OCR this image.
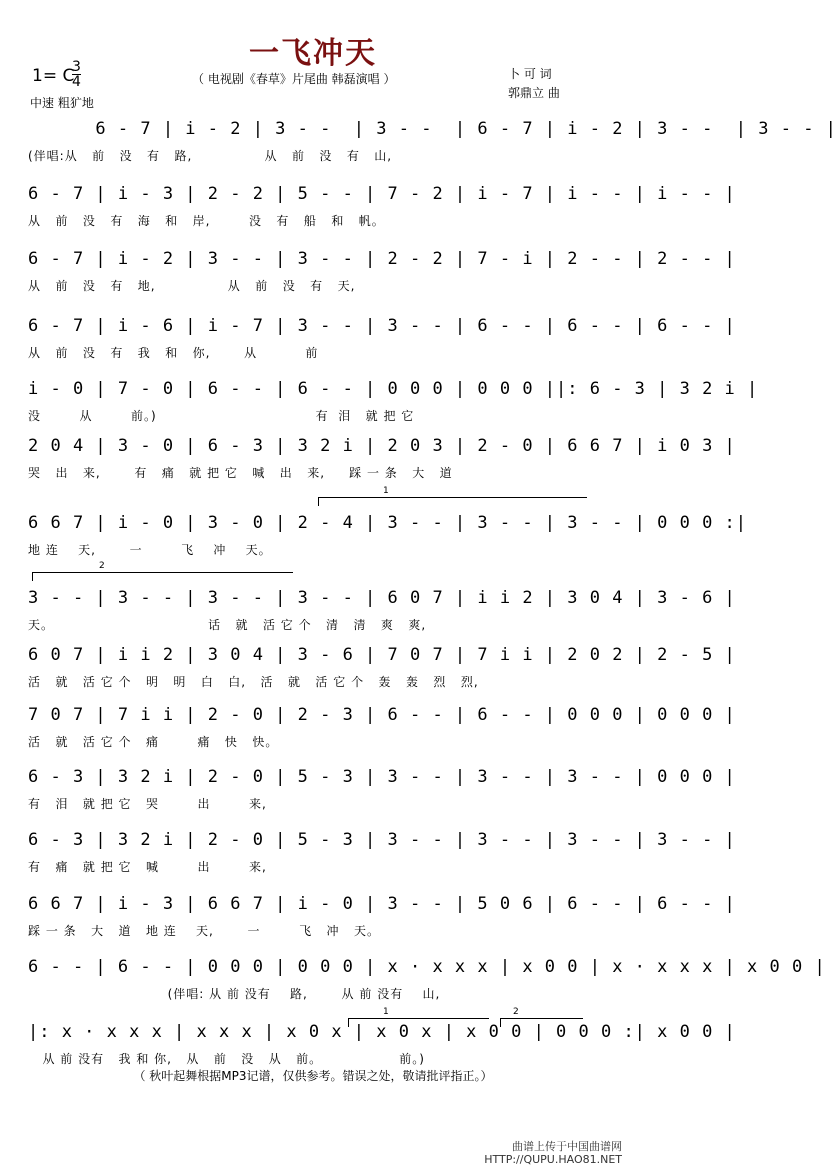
一飞冲天
1= C
$\frac{3}{4}$
中速 粗犷地
（ 电视剧《春草》片尾曲 韩磊演唱 ）	卜 可 词
郭鼎立 曲
6 - 7 | i - 2 | 3 - -  | 3 - -  | 6 - 7 | i - 2 | 3 - -  | 3 - - |
(伴唱:从   前   没   有   路,               从   前   没   有   山,
6 - 7 | i - 3 | 2 - 2 | 5 - - | 7 - 2 | i - 7 | i - - | i - - |
从   前   没   有   海   和   岸,        没   有   船   和   帆。
6 - 7 | i - 2 | 3 - - | 3 - - | 2 - 2 | 7 - i | 2 - - | 2 - - |
从   前   没   有   地,               从   前   没   有   天,
6 - 7 | i - 6 | i - 7 | 3 - - | 3 - - | 6 - - | 6 - - | 6 - - |
从   前   没   有   我   和   你,       从          前
i - 0 | 7 - 0 | 6 - - | 6 - - | 0 0 0 | 0 0 0 ||: 6 - 3 | 3 2 i |
没        从        前。)                                 有  泪   就 把 它
2 0 4 | 3 - 0 | 6 - 3 | 3 2 i | 2 0 3 | 2 - 0 | 6 6 7 | i 0 3 |
哭   出   来,       有   痛   就 把 它   喊   出   来,     踩 一 条   大   道
6 6 7 | i - 0 | 3 - 0 | 2 - 4 | 3 - - | 3 - - | 3 - - | 0 0 0 :|
地 连    天,       一        飞    冲    天。
3 - - | 3 - - | 3 - - | 3 - - | 6 0 7 | i i 2 | 3 0 4 | 3 - 6 |
天。                                话   就   活 它 个   清   清   爽   爽,
6 0 7 | i i 2 | 3 0 4 | 3 - 6 | 7 0 7 | 7 i i | 2 0 2 | 2 - 5 |
活   就   活 它 个   明   明   白   白,   活   就   活 它 个   轰   轰   烈   烈,
7 0 7 | 7 i i | 2 - 0 | 2 - 3 | 6 - - | 6 - - | 0 0 0 | 0 0 0 |
活   就   活 它 个   痛        痛   快   快。
6 - 3 | 3 2 i | 2 - 0 | 5 - 3 | 3 - - | 3 - - | 3 - - | 0 0 0 |
有   泪   就 把 它   哭        出        来,
6 - 3 | 3 2 i | 2 - 0 | 5 - 3 | 3 - - | 3 - - | 3 - - | 3 - - |
有   痛   就 把 它   喊        出        来,
6 6 7 | i - 3 | 6 6 7 | i - 0 | 3 - - | 5 0 6 | 6 - - | 6 - - |
踩 一 条   大   道   地 连    天,       一        飞   冲   天。
6 - - | 6 - - | 0 0 0 | 0 0 0 | x · x x x | x 0 0 | x · x x x | x 0 0 |
(伴唱: 从 前 没有    路,       从 前 没有    山,
|: x · x x x | x x x | x 0 x | x 0 x | x 0 0 | 0 0 0 :| x 0 0 |
从 前 没有   我 和 你,   从   前   没   从   前。                前。)
1
2
1	2
（ 秋叶起舞根据MP3记谱，仅供参考。错误之处，敬请批评指正。）
曲谱上传于中国曲谱网
HTTP://QUPU.HAO81.NET
